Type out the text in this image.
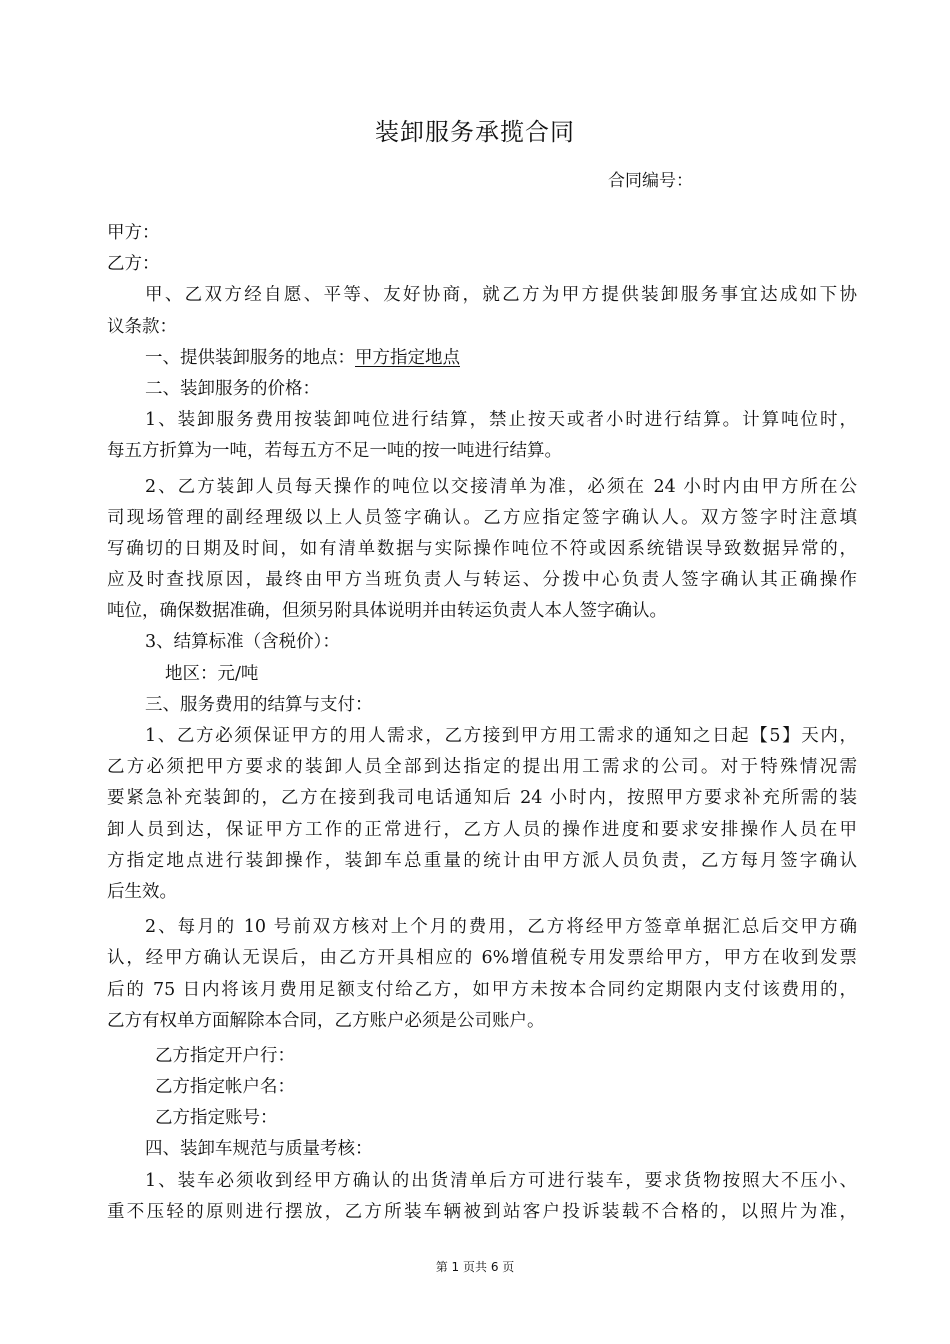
装卸服务承揽合同
合同编号：
甲方：
乙方：
甲、乙双方经自愿、平等、友好协商，就乙方为甲方提供装卸服务事宜达成如下协
议条款：
一、提供装卸服务的地点：甲方指定地点
二、装卸服务的价格：
1、装卸服务费用按装卸吨位进行结算，禁止按天或者小时进行结算。计算吨位时，
每五方折算为一吨，若每五方不足一吨的按一吨进行结算。
2、乙方装卸人员每天操作的吨位以交接清单为准，必须在 24 小时内由甲方所在公
司现场管理的副经理级以上人员签字确认。乙方应指定签字确认人。双方签字时注意填
写确切的日期及时间，如有清单数据与实际操作吨位不符或因系统错误导致数据异常的，
应及时查找原因，最终由甲方当班负责人与转运、分拨中心负责人签字确认其正确操作
吨位，确保数据准确，但须另附具体说明并由转运负责人本人签字确认。
3、结算标准（含税价）：
地区：元/吨
三、服务费用的结算与支付：
1、乙方必须保证甲方的用人需求，乙方接到甲方用工需求的通知之日起【5】天内，
乙方必须把甲方要求的装卸人员全部到达指定的提出用工需求的公司。对于特殊情况需
要紧急补充装卸的，乙方在接到我司电话通知后 24 小时内，按照甲方要求补充所需的装
卸人员到达，保证甲方工作的正常进行，乙方人员的操作进度和要求安排操作人员在甲
方指定地点进行装卸操作，装卸车总重量的统计由甲方派人员负责，乙方每月签字确认
后生效。
2、每月的 10 号前双方核对上个月的费用，乙方将经甲方签章单据汇总后交甲方确
认，经甲方确认无误后，由乙方开具相应的 6%增值税专用发票给甲方，甲方在收到发票
后的 75 日内将该月费用足额支付给乙方，如甲方未按本合同约定期限内支付该费用的，
乙方有权单方面解除本合同，乙方账户必须是公司账户。
乙方指定开户行：
乙方指定帐户名：
乙方指定账号：
四、装卸车规范与质量考核：
1、装车必须收到经甲方确认的出货清单后方可进行装车，要求货物按照大不压小、
重不压轻的原则进行摆放，乙方所装车辆被到站客户投诉装载不合格的，以照片为准，
第 1 页共 6 页
